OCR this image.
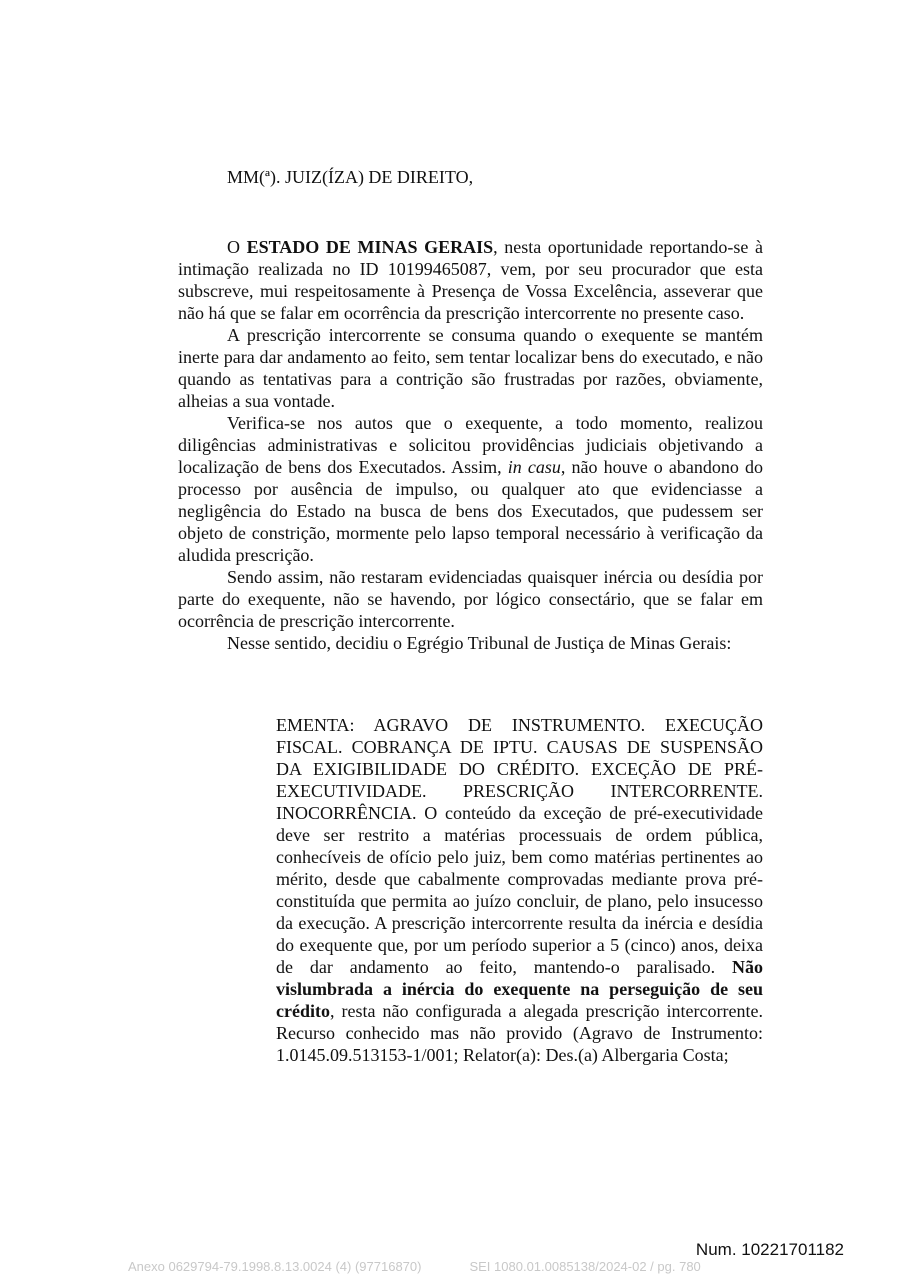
MM(ª). JUIZ(ÍZA) DE DIREITO,

O ESTADO DE MINAS GERAIS, nesta oportunidade reportando-se à intimação realizada no ID 10199465087, vem, por seu procurador que esta subscreve, mui respeitosamente à Presença de Vossa Excelência, asseverar que não há que se falar em ocorrência da prescrição intercorrente no presente caso.

A prescrição intercorrente se consuma quando o exequente se mantém inerte para dar andamento ao feito, sem tentar localizar bens do executado, e não quando as tentativas para a contrição são frustradas por razões, obviamente, alheias a sua vontade.

Verifica-se nos autos que o exequente, a todo momento, realizou diligências administrativas e solicitou providências judiciais objetivando a localização de bens dos Executados. Assim, in casu, não houve o abandono do processo por ausência de impulso, ou qualquer ato que evidenciasse a negligência do Estado na busca de bens dos Executados, que pudessem ser objeto de constrição, mormente pelo lapso temporal necessário à verificação da aludida prescrição.

Sendo assim, não restaram evidenciadas quaisquer inércia ou desídia por parte do exequente, não se havendo, por lógico consectário, que se falar em ocorrência de prescrição intercorrente.

Nesse sentido, decidiu o Egrégio Tribunal de Justiça de Minas Gerais:

EMENTA: AGRAVO DE INSTRUMENTO. EXECUÇÃO FISCAL. COBRANÇA DE IPTU. CAUSAS DE SUSPENSÃO DA EXIGIBILIDADE DO CRÉDITO. EXCEÇÃO DE PRÉ-EXECUTIVIDADE. PRESCRIÇÃO INTERCORRENTE. INOCORRÊNCIA. O conteúdo da exceção de pré-executividade deve ser restrito a matérias processuais de ordem pública, conhecíveis de ofício pelo juiz, bem como matérias pertinentes ao mérito, desde que cabalmente comprovadas mediante prova pré-constituída que permita ao juízo concluir, de plano, pelo insucesso da execução. A prescrição intercorrente resulta da inércia e desídia do exequente que, por um período superior a 5 (cinco) anos, deixa de dar andamento ao feito, mantendo-o paralisado. Não vislumbrada a inércia do exequente na perseguição de seu crédito, resta não configurada a alegada prescrição intercorrente. Recurso conhecido mas não provido (Agravo de Instrumento: 1.0145.09.513153-1/001; Relator(a): Des.(a) Albergaria Costa;

Num. 10221701182
Anexo 0629794-79.1998.8.13.0024 (4) (97716870)	SEI 1080.01.0085138/2024-02 / pg. 780
